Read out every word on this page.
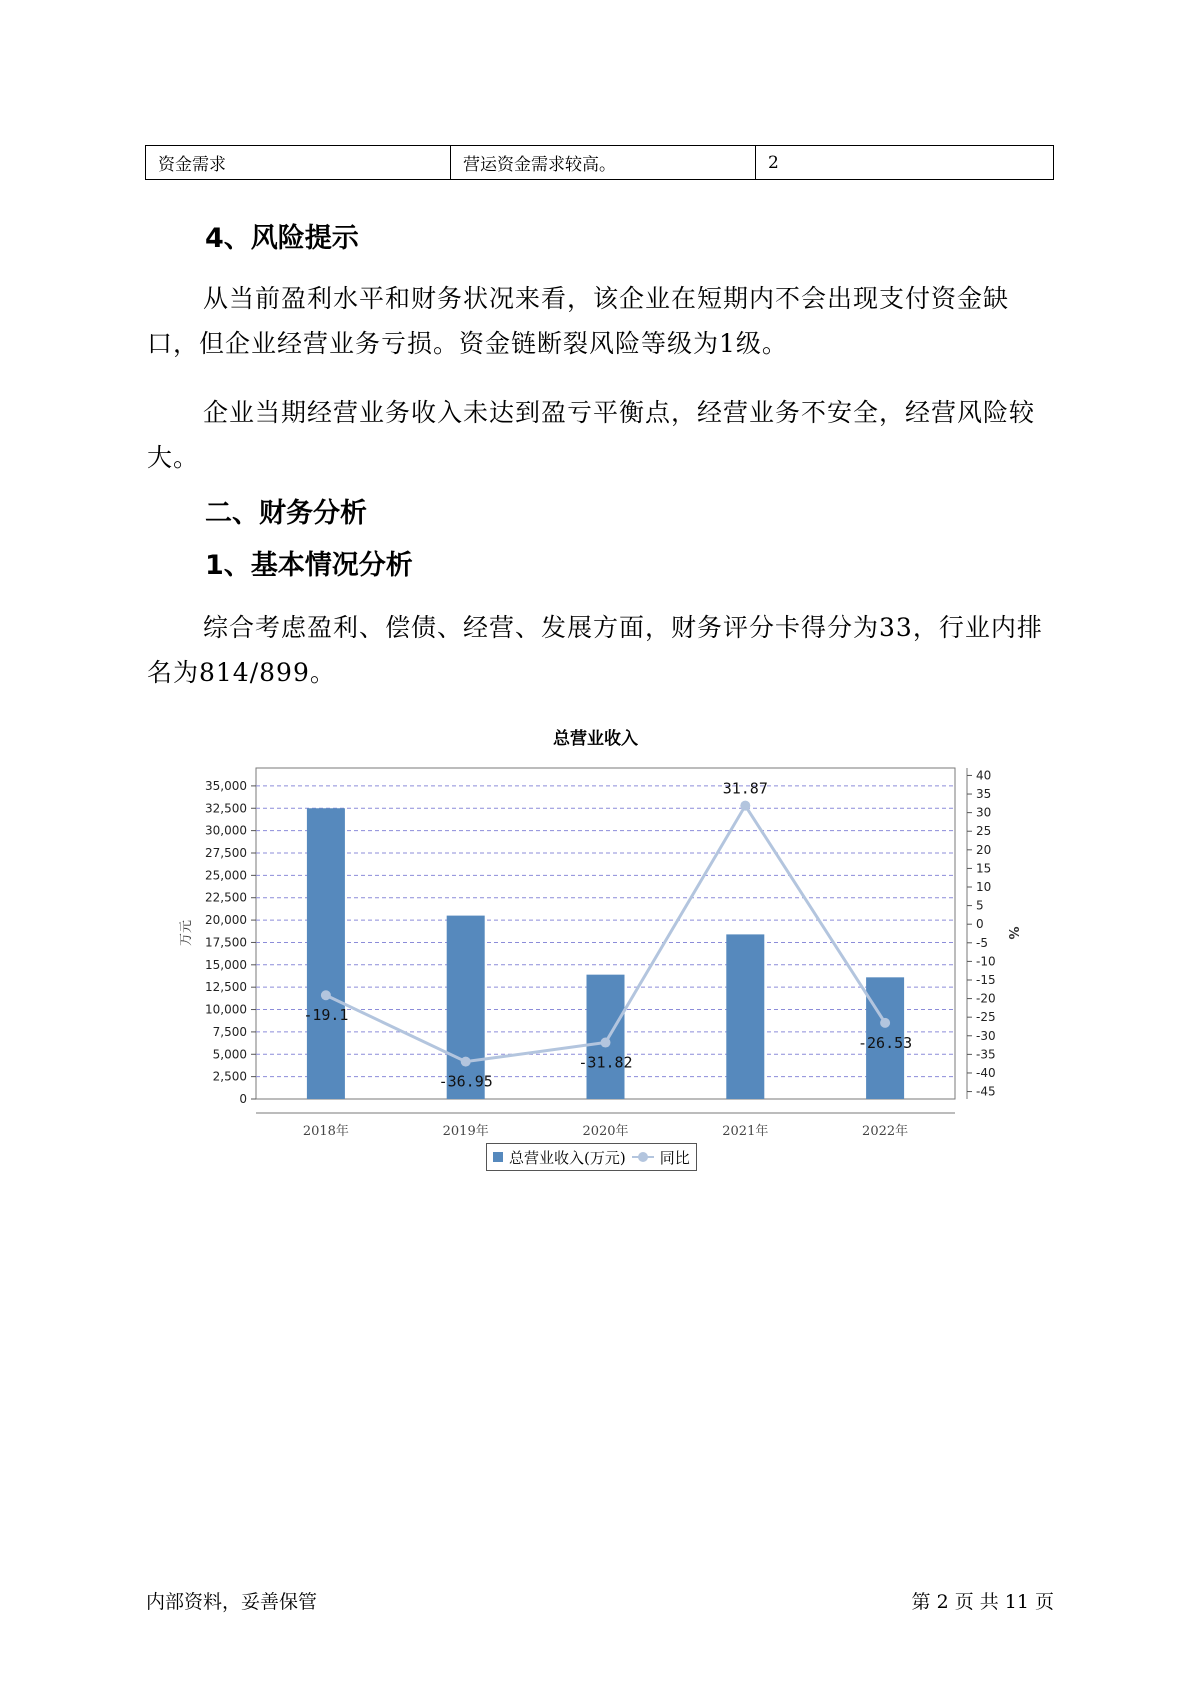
资金需求	营运资金需求较高。	2
4、风险提示

从当前盈利水平和财务状况来看，该企业在短期内不会出现支付资金缺口，但企业经营业务亏损。资金链断裂风险等级为1级。

企业当期经营业务收入未达到盈亏平衡点，经营业务不安全，经营风险较大。

二、财务分析
1、基本情况分析

综合考虑盈利、偿债、经营、发展方面，财务评分卡得分为33，行业内排名为814/899。

总营业收入
0
2,500
5,000
7,500
10,000
12,500
15,000
17,500
20,000
22,500
25,000
27,500
30,000
32,500
35,000
-45
-40
-35
-30
-25
-20
-15
-10
-5
0
5
10
15
20
25
30
35
40
万元	%
2018年	2019年	2020年	2021年	2022年
-19.1
-36.95
-31.82
31.87
-26.53
总营业收入(万元) 同比
内部资料，妥善保管	第 2 页 共 11 页
